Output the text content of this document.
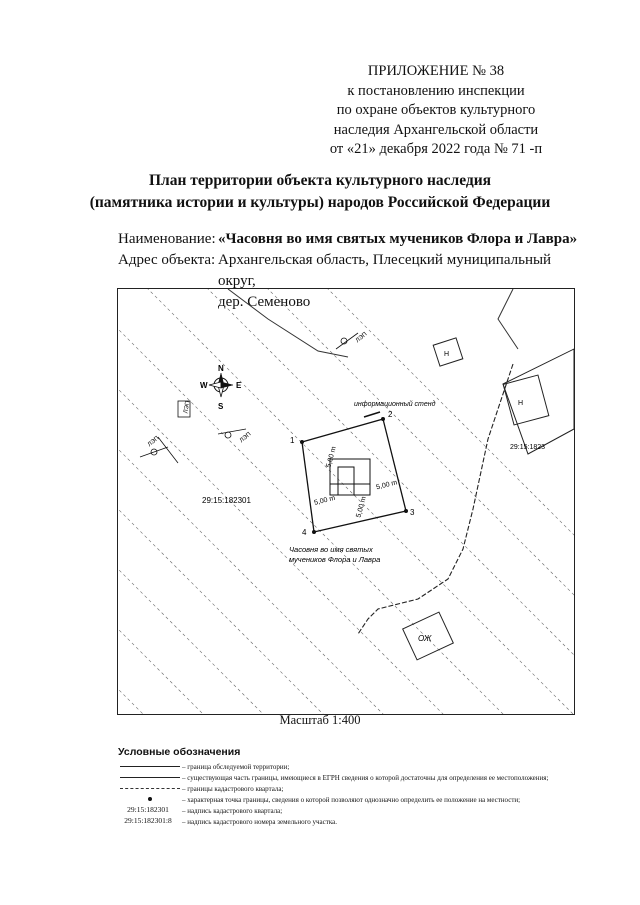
ПРИЛОЖЕНИЕ № 38
к постановлению инспекции
по охране объектов культурного
наследия Архангельской области
от «21» декабря 2022 года № 71 -п
План территории объекта культурного наследия
(памятника истории и культуры) народов Российской Федерации
Наименование: «Часовня во имя святых мучеников Флора и Лавра»
Адрес объекта: Архангельская область, Плесецкий муниципальный округ,
дер. Семеново
Н
Н
ОЖ
29:15:1823
1
2
3
4
информационный стенд
5,00 m
5,00 m
5,00 m	5,00 m
Часовня во имя святых
мучеников Флора и Лавра
29:15:182301
N
S
W	E
ЛЭП
ЛЭП	ЛЭП
ЛЭП
Масштаб 1:400
Условные обозначения
– граница обследуемой территории;
– существующая часть границы, имеющиеся в ЕГРН сведения о которой достаточны для определения ее местоположения;
– границы кадастрового квартала;
– характерная точка границы, сведения о которой позволяют однозначно определить ее положение на местности;
29:15:182301	– надпись кадастрового квартала;
29:15:182301:8	– надпись кадастрового номера земельного участка.
